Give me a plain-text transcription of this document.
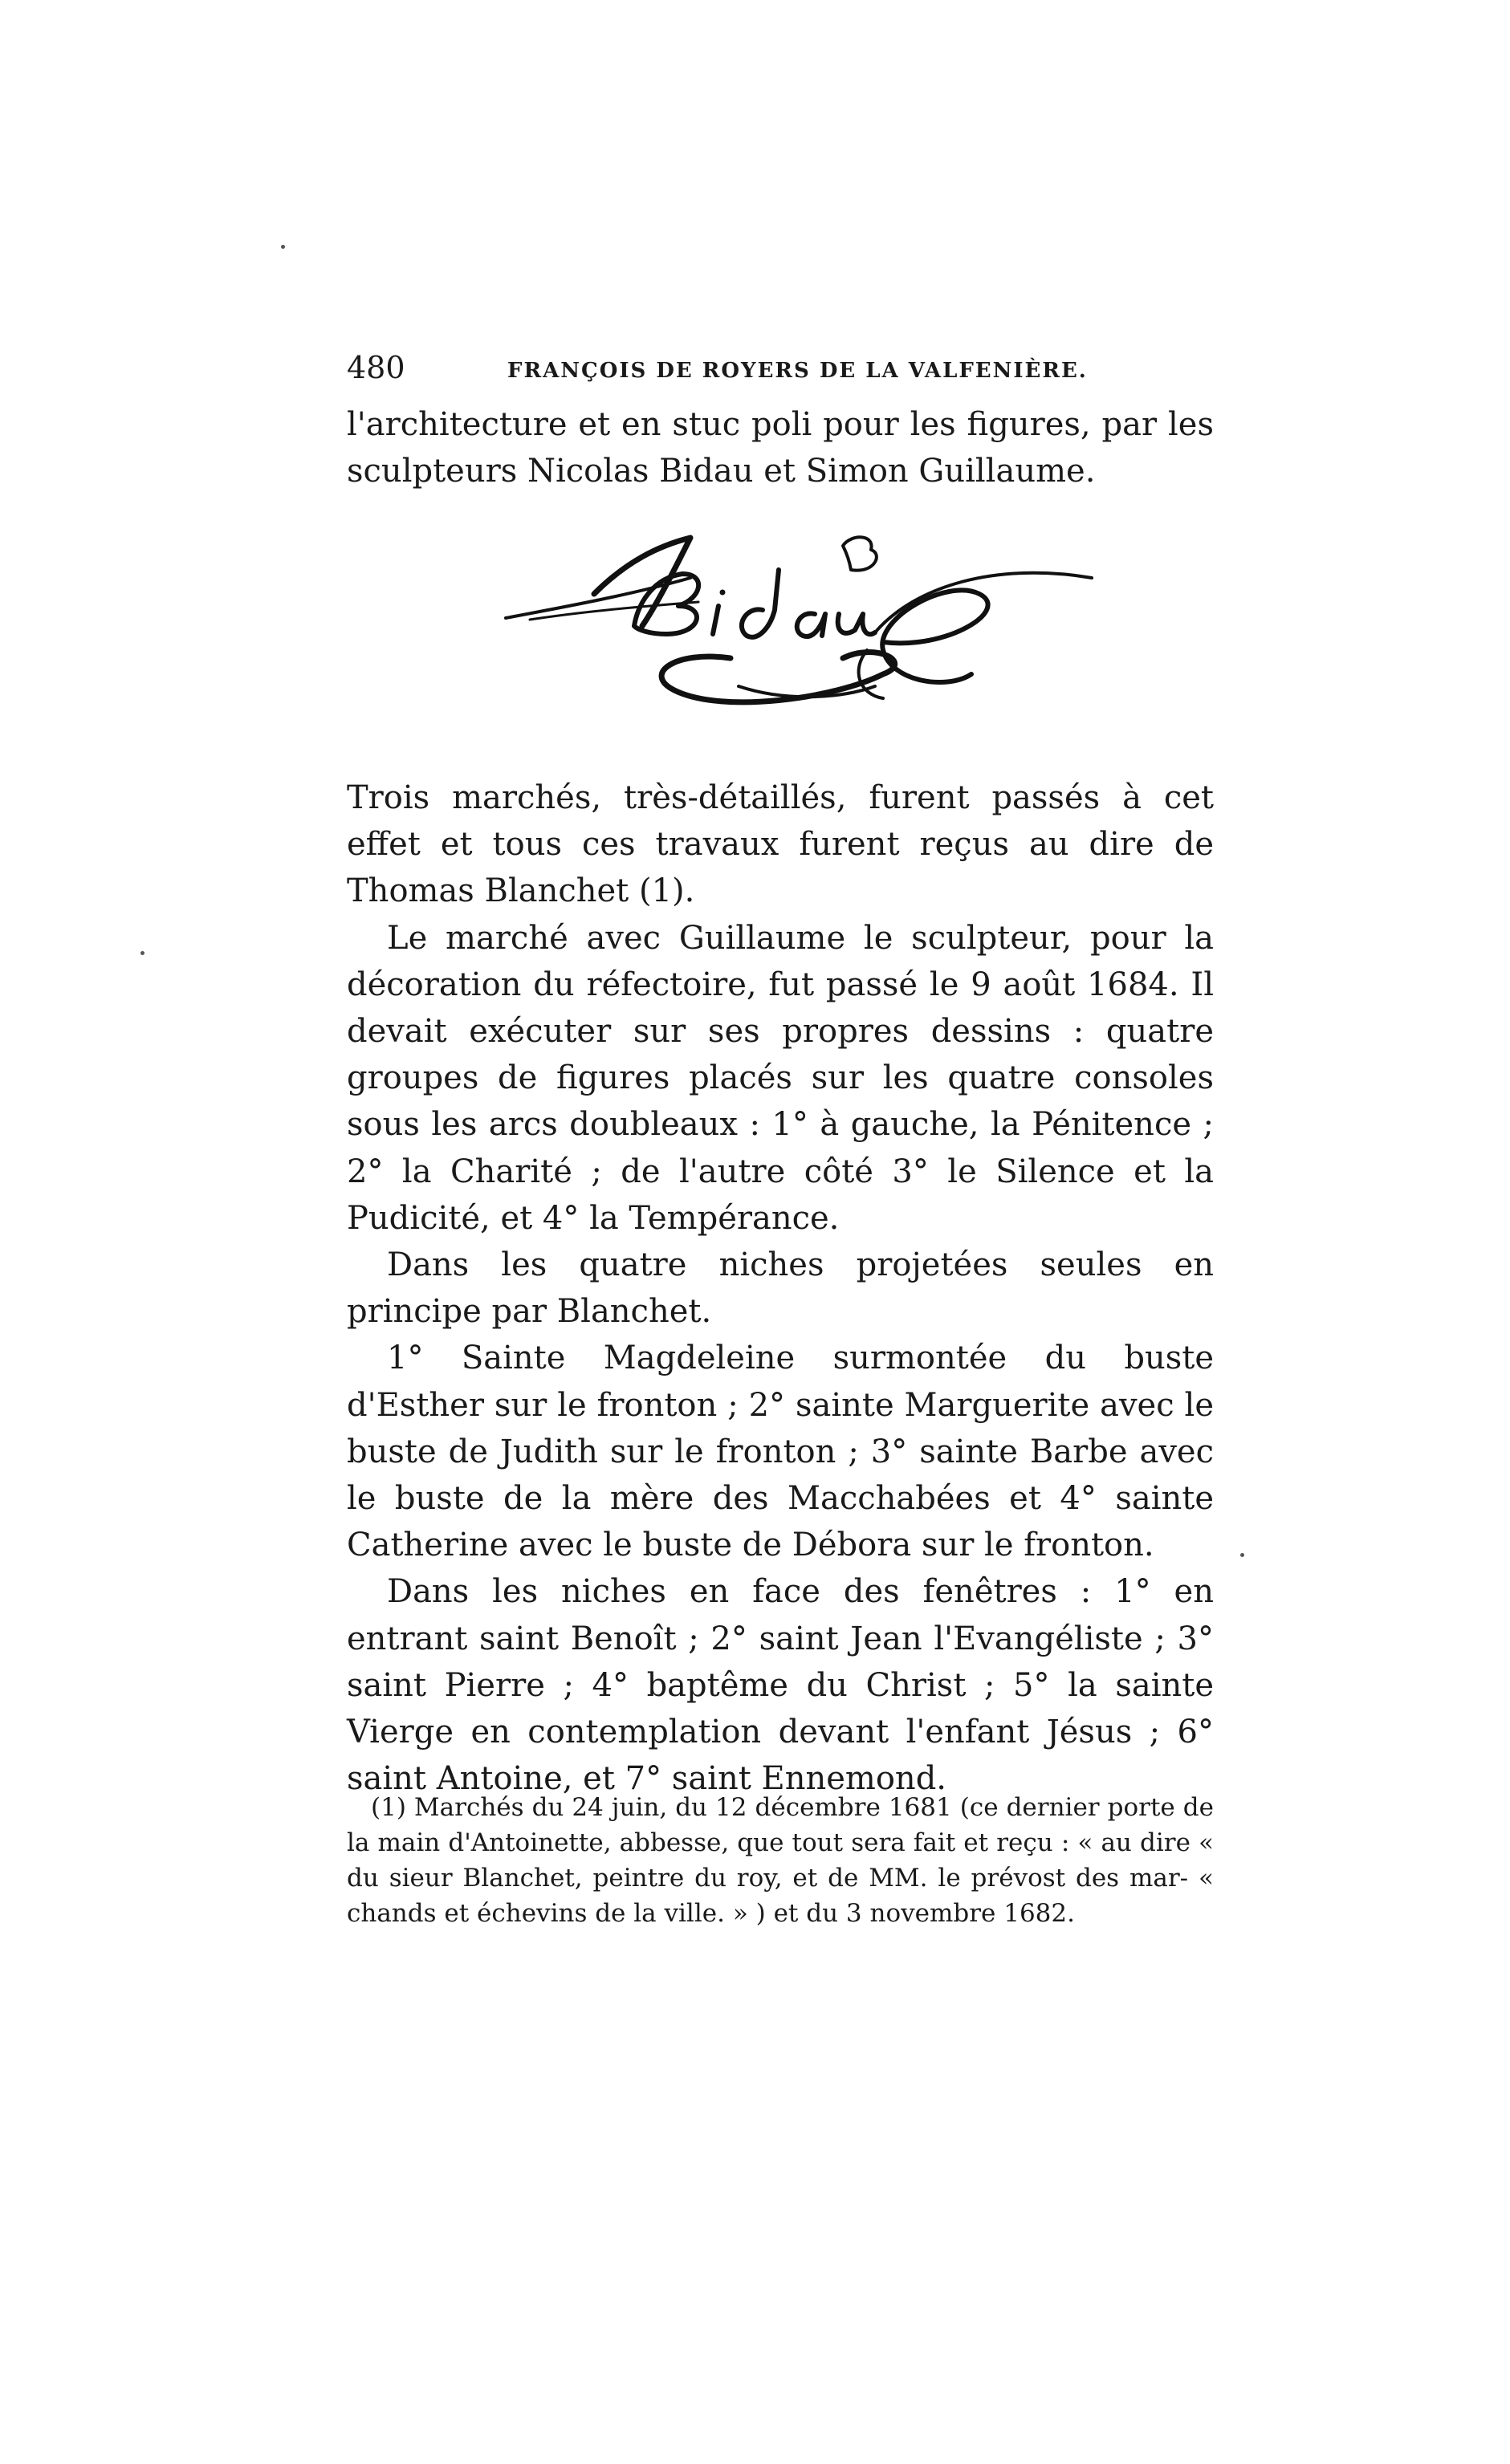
480	FRANÇOIS DE ROYERS DE LA VALFENIÈRE.

l'architecture et en stuc poli pour les figures, par les sculpteurs Nicolas Bidau et Simon Guillaume.

Trois marchés, très-détaillés, furent passés à cet effet et tous ces travaux furent reçus au dire de Thomas Blanchet (1).

Le marché avec Guillaume le sculpteur, pour la décoration du réfectoire, fut passé le 9 août 1684. Il devait exécuter sur ses propres dessins : quatre groupes de figures placés sur les quatre consoles sous les arcs doubleaux : 1° à gauche, la Pénitence ; 2° la Charité ; de l'autre côté 3° le Silence et la Pudicité, et 4° la Tempérance.

Dans les quatre niches projetées seules en principe par Blanchet.

1° Sainte Magdeleine surmontée du buste d'Esther sur le fronton ; 2° sainte Marguerite avec le buste de Judith sur le fronton ; 3° sainte Barbe avec le buste de la mère des Macchabées et 4° sainte Catherine avec le buste de Débora sur le fronton.

Dans les niches en face des fenêtres : 1° en entrant saint Benoît ; 2° saint Jean l'Evangéliste ; 3° saint Pierre ; 4° baptême du Christ ; 5° la sainte Vierge en contemplation devant l'enfant Jésus ; 6° saint Antoine, et 7° saint Ennemond.

(1) Marchés du 24 juin, du 12 décembre 1681 (ce dernier porte de la main d'Antoinette, abbesse, que tout sera fait et reçu : « au dire « du sieur Blanchet, peintre du roy, et de MM. le prévost des mar- « chands et échevins de la ville. » ) et du 3 novembre 1682.
